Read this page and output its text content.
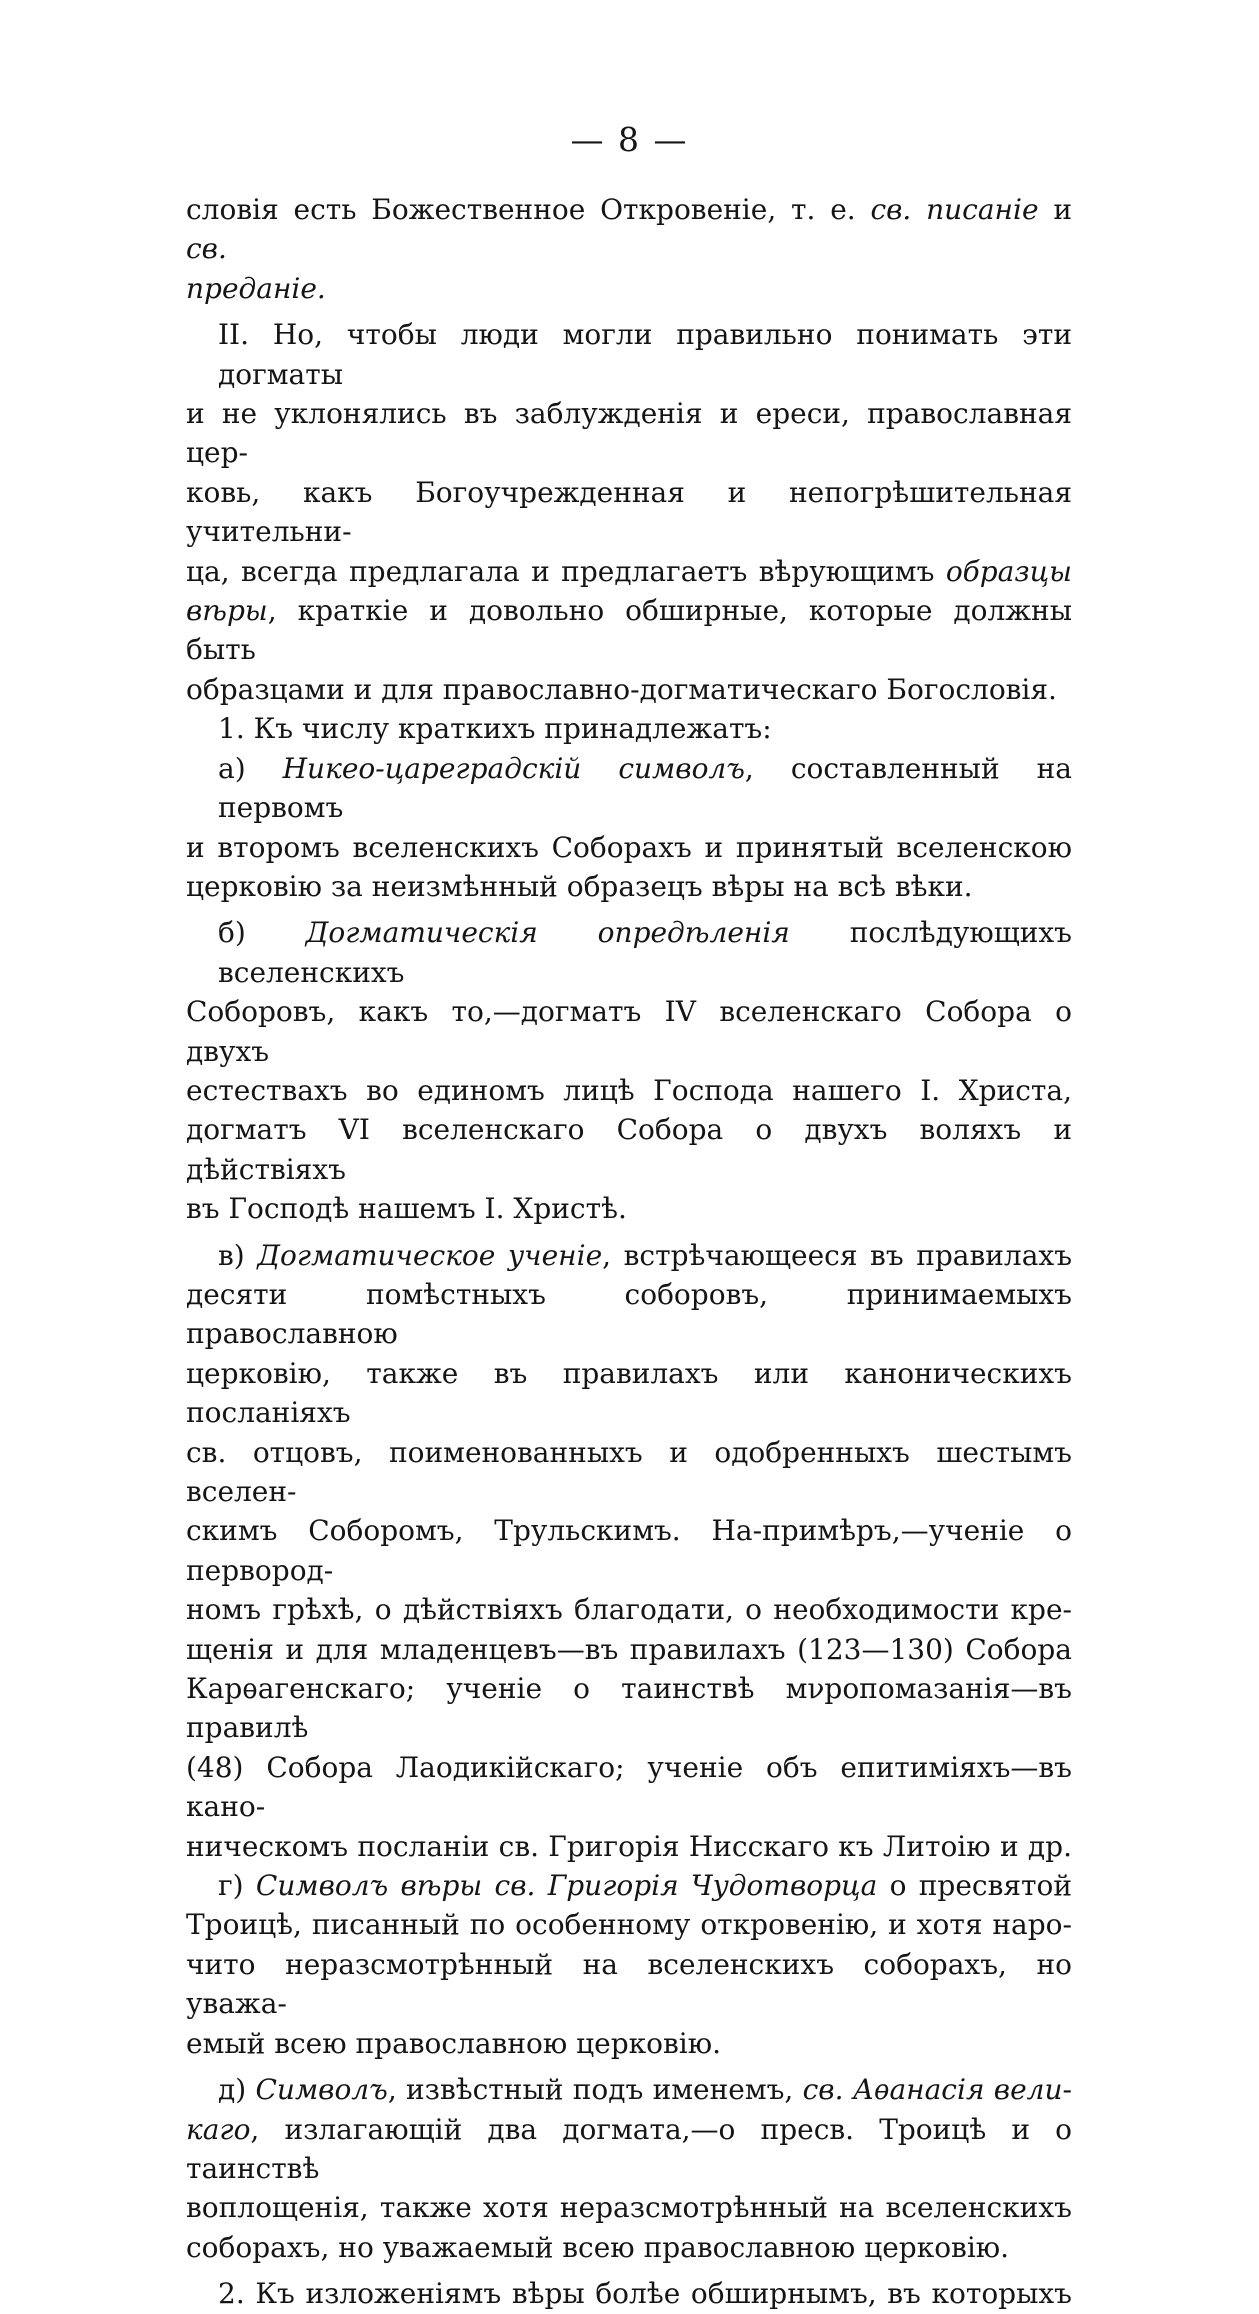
— 8 —
словія есть Божественное Откровеніе, т. е. св. писаніе и св.
преданіе.
II. Но, чтобы люди могли правильно понимать эти догматы
и не уклонялись въ заблужденія и ереси, православная цер-
ковь, какъ Богоучрежденная и непогрѣшительная учительни-
ца, всегда предлагала и предлагаетъ вѣрующимъ образцы
вѣры, краткіе и довольно обширные, которые должны быть
образцами и для православно-догматическаго Богословія.
1. Къ числу краткихъ принадлежатъ:
а) Никео-цареградскій символъ, составленный на первомъ
и второмъ вселенскихъ Соборахъ и принятый вселенскою
церковію за неизмѣнный образецъ вѣры на всѣ вѣки.
б) Догматическія опредѣленія послѣдующихъ вселенскихъ
Соборовъ, какъ то,—догматъ IV вселенскаго Собора о двухъ
естествахъ во единомъ лицѣ Господа нашего І. Христа,
догматъ VI вселенскаго Собора о двухъ воляхъ и дѣйствіяхъ
въ Господѣ нашемъ І. Христѣ.
в) Догматическое ученіе, встрѣчающееся въ правилахъ
десяти помѣстныхъ соборовъ, принимаемыхъ православною
церковію, также въ правилахъ или каноническихъ посланіяхъ
св. отцовъ, поименованныхъ и одобренныхъ шестымъ вселен-
скимъ Соборомъ, Трульскимъ. На-примѣръ,—ученіе о первород-
номъ грѣхѣ, о дѣйствіяхъ благодати, о необходимости кре-
щенія и для младенцевъ—въ правилахъ (123—130) Собора
Карѳагенскаго; ученіе о таинствѣ мνропомазанія—въ правилѣ
(48) Собора Лаодикійскаго; ученіе объ епитиміяхъ—въ кано-
ническомъ посланіи св. Григорія Нисскаго къ Литоію и др.
г) Символъ вѣры св. Григорія Чудотворца о пресвятой
Троицѣ, писанный по особенному откровенію, и хотя наро-
чито неразсмотрѣнный на вселенскихъ соборахъ, но уважа-
емый всею православною церковію.
д) Символъ, извѣстный подъ именемъ, св. Аѳанасія вели-
каго, излагающій два догмата,—о пресв. Троицѣ и о таинствѣ
воплощенія, также хотя неразсмотрѣнный на вселенскихъ
соборахъ, но уважаемый всею православною церковію.
2. Къ изложеніямъ вѣры болѣе обширнымъ, въ которыхъ
